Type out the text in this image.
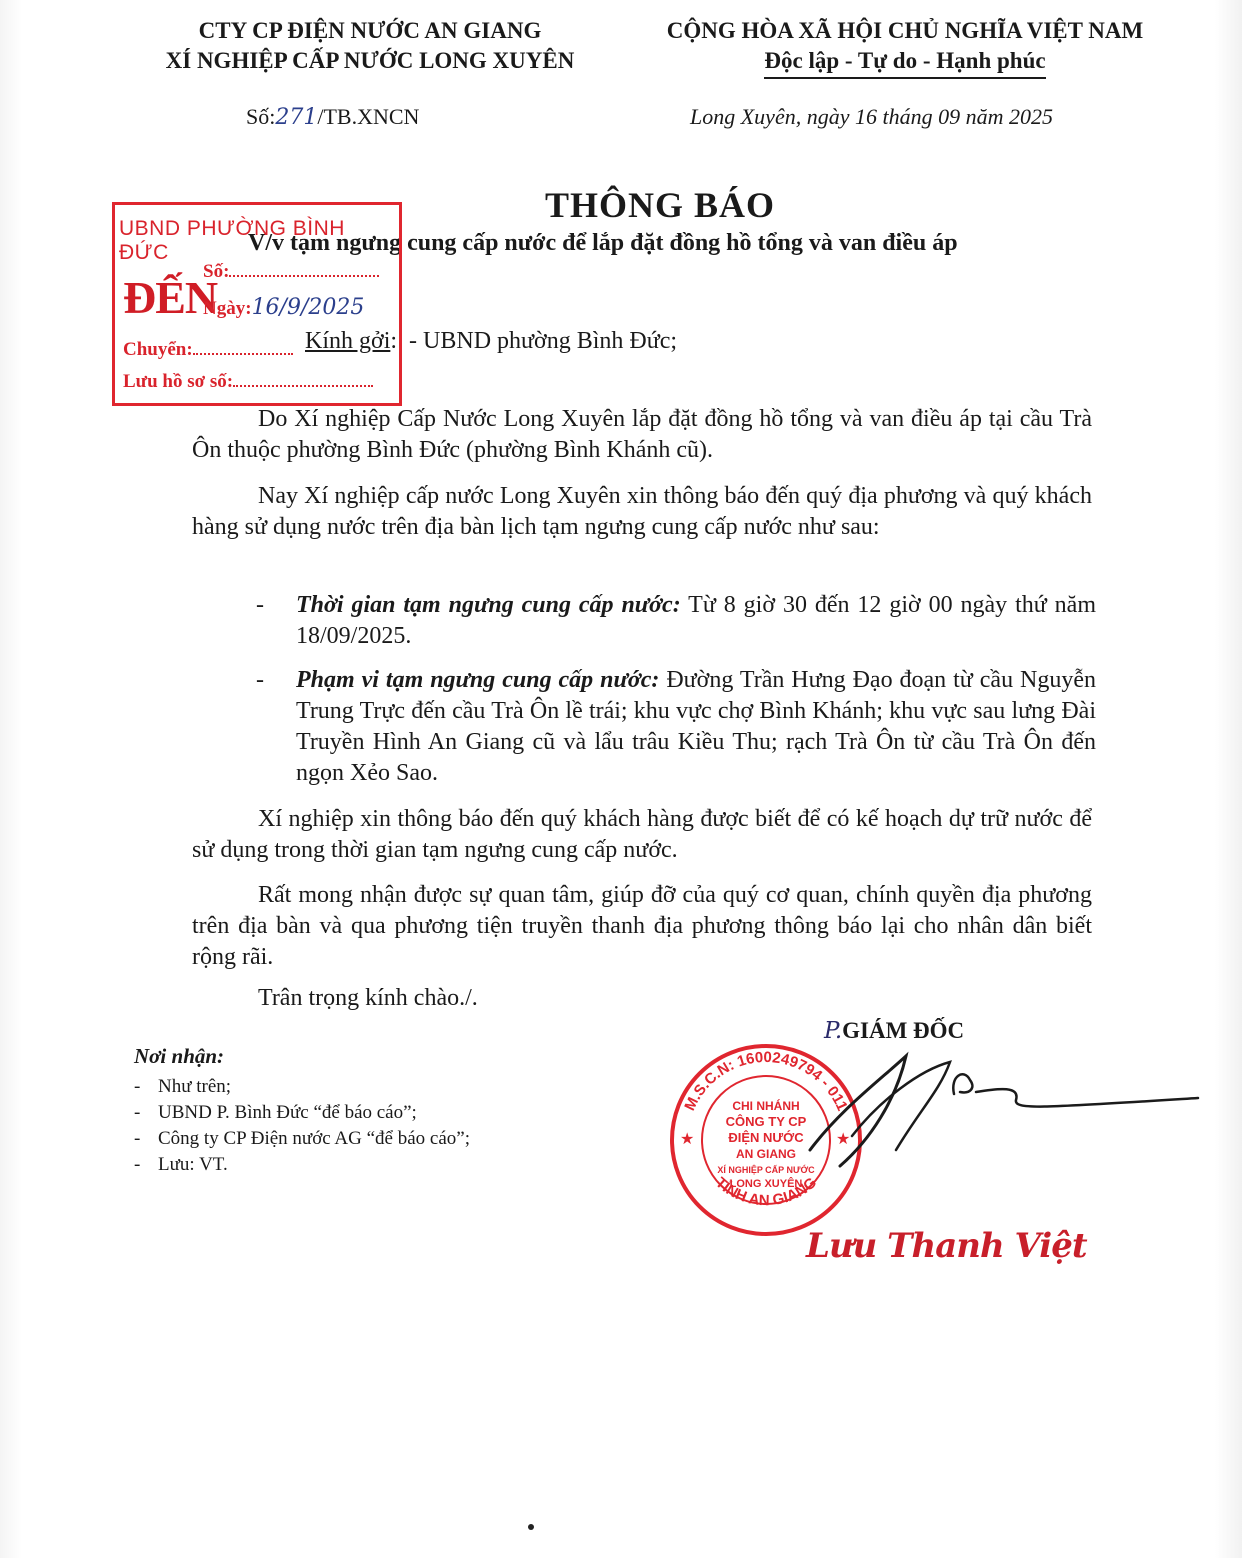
CTY CP ĐIỆN NƯỚC AN GIANG
XÍ NGHIỆP CẤP NƯỚC LONG XUYÊN
CỘNG HÒA XÃ HỘI CHỦ NGHĨA VIỆT NAM
Độc lập - Tự do - Hạnh phúc
Số:271/TB.XNCN	Long Xuyên, ngày 16 tháng 09 năm 2025
THÔNG BÁO
V/v tạm ngưng cung cấp nước để lắp đặt đồng hồ tổng và van điều áp
Kính gởi: - UBND phường Bình Đức;
UBND PHƯỜNG BÌNH ĐỨC
ĐẾN
Số:
Ngày:16/9/2025
Chuyển:
Lưu hồ sơ số:
Do Xí nghiệp Cấp Nước Long Xuyên lắp đặt đồng hồ tổng và van điều áp tại cầu Trà Ôn thuộc phường Bình Đức (phường Bình Khánh cũ).
Nay Xí nghiệp cấp nước Long Xuyên xin thông báo đến quý địa phương và quý khách hàng sử dụng nước trên địa bàn lịch tạm ngưng cung cấp nước như sau:
- Thời gian tạm ngưng cung cấp nước: Từ 8 giờ 30 đến 12 giờ 00 ngày thứ năm 18/09/2025.
- Phạm vi tạm ngưng cung cấp nước: Đường Trần Hưng Đạo đoạn từ cầu Nguyễn Trung Trực đến cầu Trà Ôn lề trái; khu vực chợ Bình Khánh; khu vực sau lưng Đài Truyền Hình An Giang cũ và lẩu trâu Kiều Thu; rạch Trà Ôn từ cầu Trà Ôn đến ngọn Xẻo Sao.
Xí nghiệp xin thông báo đến quý khách hàng được biết để có kế hoạch dự trữ nước để sử dụng trong thời gian tạm ngưng cung cấp nước.
Rất mong nhận được sự quan tâm, giúp đỡ của quý cơ quan, chính quyền địa phương trên địa bàn và qua phương tiện truyền thanh địa phương thông báo lại cho nhân dân biết rộng rãi.
Trân trọng kính chào./.
P.GIÁM ĐỐC
Nơi nhận:
- Như trên;
- UBND P. Bình Đức “để báo cáo”;
- Công ty CP Điện nước AG “để báo cáo”;
- Lưu: VT.
M.S.C.N: 1600249794 - 011
TỈNH AN GIANG
CHI NHÁNH
CÔNG TY CP
ĐIỆN NƯỚC
AN GIANG
XÍ NGHIỆP CẤP NƯỚC
LONG XUYÊN
★	★
Lưu Thanh Việt
